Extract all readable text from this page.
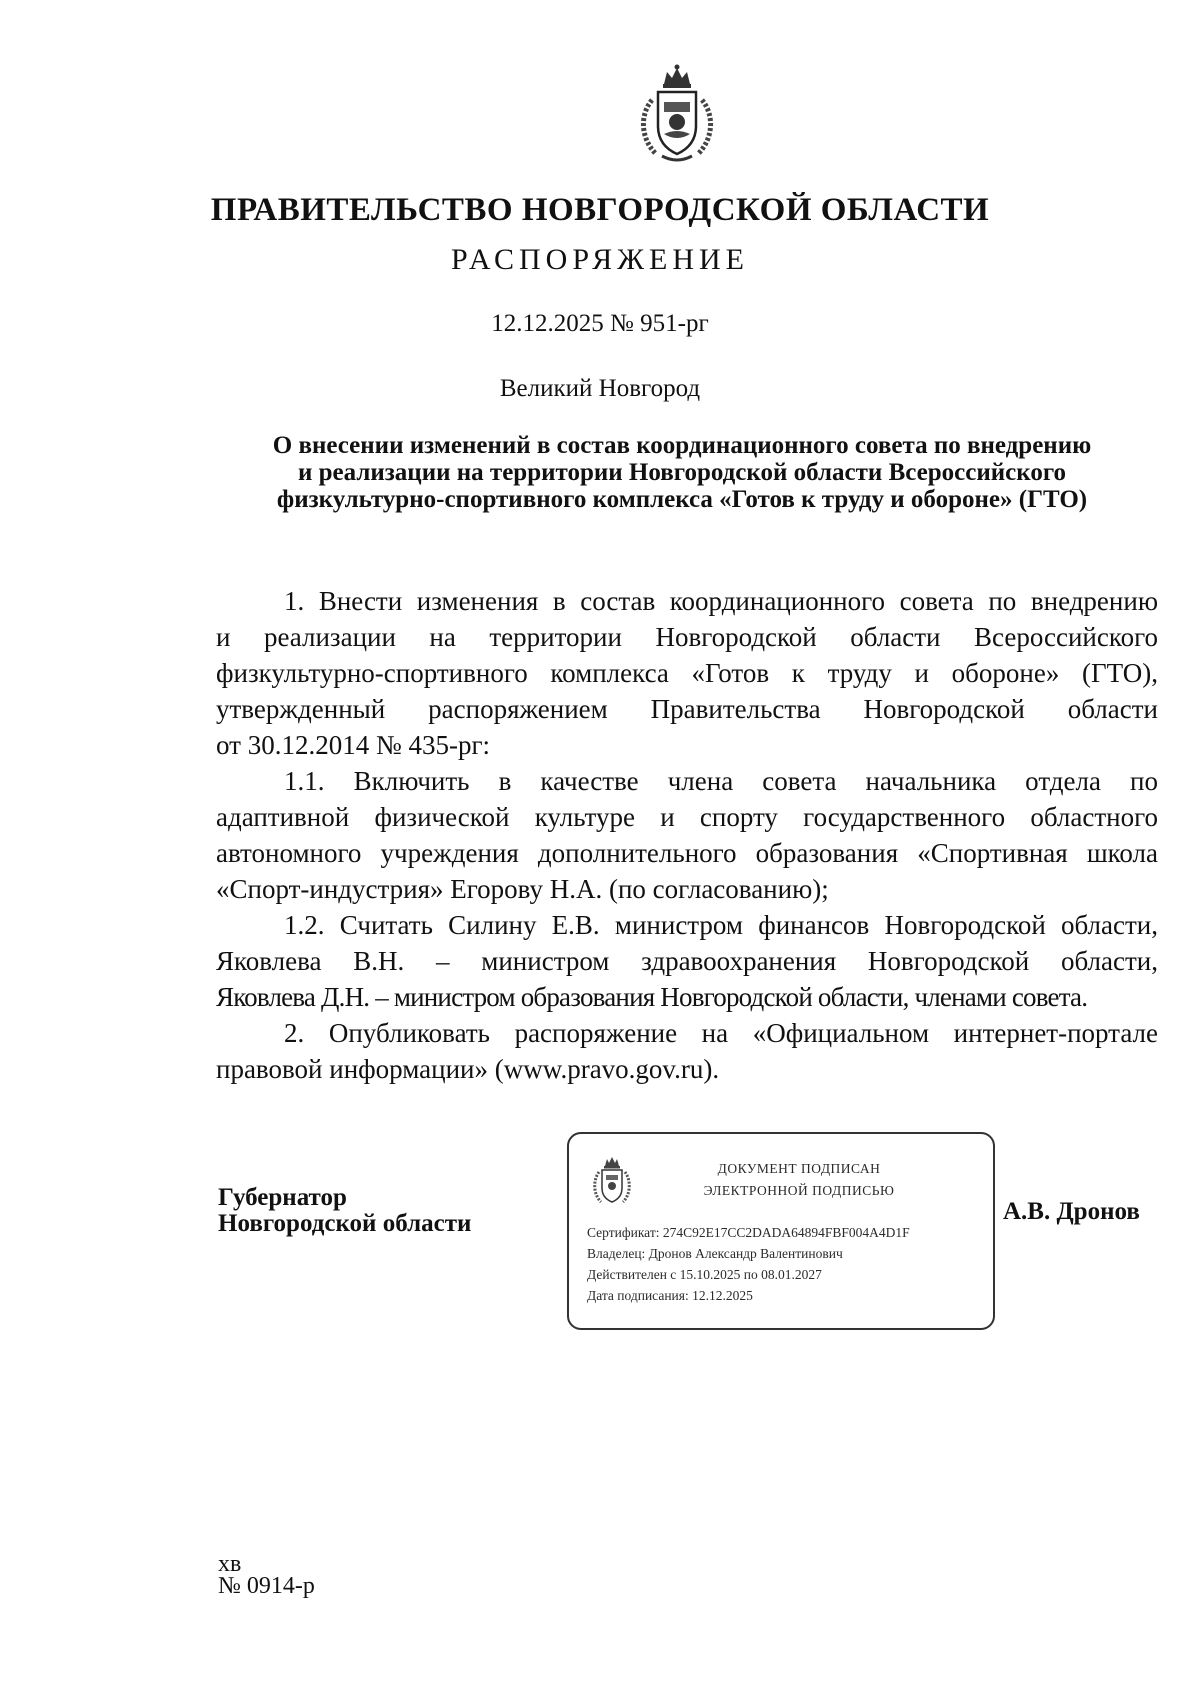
ПРАВИТЕЛЬСТВО НОВГОРОДСКОЙ ОБЛАСТИ
РАСПОРЯЖЕНИЕ
12.12.2025 № 951-рг
Великий Новгород
О внесении изменений в состав координационного совета по внедрению
и реализации на территории Новгородской области Всероссийского
физкультурно-спортивного комплекса «Готов к труду и обороне» (ГТО)
1. Внести изменения в состав координационного совета по внедрению
и реализации на территории Новгородской области Всероссийского
физкультурно-спортивного комплекса «Готов к труду и обороне» (ГТО),
утвержденный распоряжением Правительства Новгородской области
от 30.12.2014 № 435-рг:
1.1. Включить в качестве члена совета начальника отдела по
адаптивной физической культуре и спорту государственного областного
автономного учреждения дополнительного образования «Спортивная школа
«Спорт-индустрия» Егорову Н.А. (по согласованию);
1.2. Считать Силину Е.В. министром финансов Новгородской области,
Яковлева В.Н. – министром здравоохранения Новгородской области,
Яковлева Д.Н. – министром образования Новгородской области, членами совета.
2. Опубликовать распоряжение на «Официальном интернет-портале
правовой информации» (www.pravo.gov.ru).
Губернатор
Новгородской области
ДОКУМЕНТ ПОДПИСАН
ЭЛЕКТРОННОЙ ПОДПИСЬЮ
Сертификат: 274C92E17CC2DADA64894FBF004A4D1F
Владелец: Дронов Александр Валентинович
Действителен с 15.10.2025 по 08.01.2027
Дата подписания: 12.12.2025
А.В. Дронов
хв
№ 0914-р
